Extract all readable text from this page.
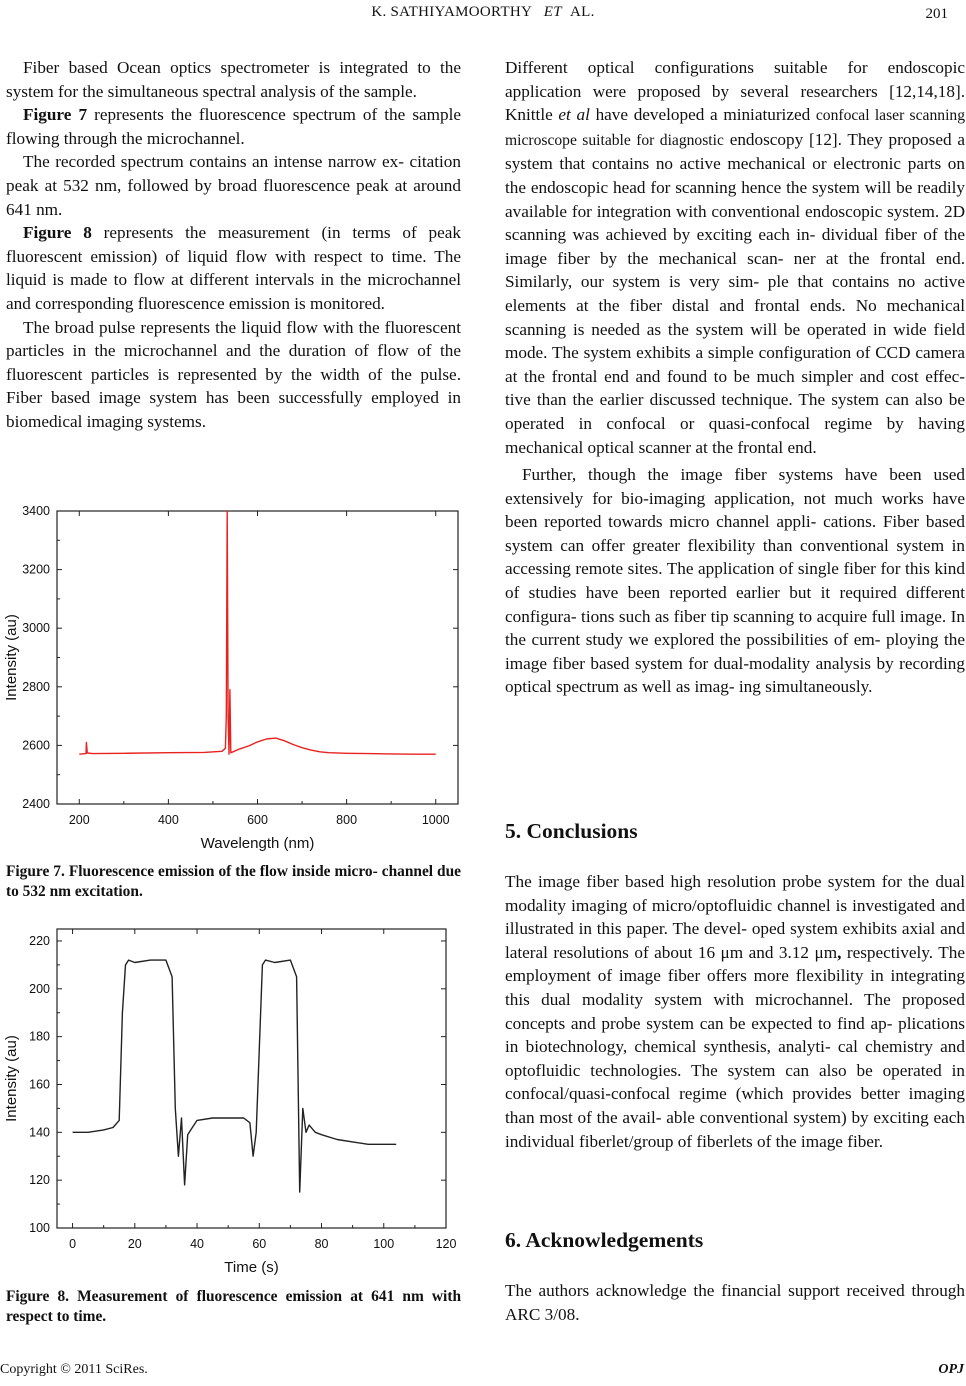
K. SATHIYAMOORTHY ET AL.	201

Fiber based Ocean optics spectrometer is integrated to the system for the simultaneous spectral analysis of the sample.

Figure 7 represents the fluorescence spectrum of the sample flowing through the microchannel.

The recorded spectrum contains an intense narrow ex- citation peak at 532 nm, followed by broad fluorescence peak at around 641 nm.

Figure 8 represents the measurement (in terms of peak fluorescent emission) of liquid flow with respect to time. The liquid is made to flow at different intervals in the microchannel and corresponding fluorescence emission is monitored.

The broad pulse represents the liquid flow with the fluorescent particles in the microchannel and the duration of flow of the fluorescent particles is represented by the width of the pulse. Fiber based image system has been successfully employed in biomedical imaging systems.

200	400	600	800	1000
2400
2600
2800
3000
3200
3400
Wavelength (nm)
Intensity (au)
Figure 7. Fluorescence emission of the flow inside micro- channel due to 532 nm excitation.
0	20	40	60	80	100	120
100
120
140
160
180
200
220
Time (s)
Intensity (au)
Figure 8. Measurement of fluorescence emission at 641 nm with respect to time.

Different optical configurations suitable for endoscopic application were proposed by several researchers [12,14,18]. Knittle et al have developed a miniaturized confocal laser scanning microscope suitable for diagnostic endoscopy [12]. They proposed a system that contains no active mechanical or electronic parts on the endoscopic head for scanning hence the system will be readily available for integration with conventional endoscopic system. 2D scanning was achieved by exciting each in- dividual fiber of the image fiber by the mechanical scan- ner at the frontal end. Similarly, our system is very sim- ple that contains no active elements at the fiber distal and frontal ends. No mechanical scanning is needed as the system will be operated in wide field mode. The system exhibits a simple configuration of CCD camera at the frontal end and found to be much simpler and cost effec- tive than the earlier discussed technique. The system can also be operated in confocal or quasi-confocal regime by having mechanical optical scanner at the frontal end.

Further, though the image fiber systems have been used extensively for bio-imaging application, not much works have been reported towards micro channel appli- cations. Fiber based system can offer greater flexibility than conventional system in accessing remote sites. The application of single fiber for this kind of studies have been reported earlier but it required different configura- tions such as fiber tip scanning to acquire full image. In the current study we explored the possibilities of em- ploying the image fiber based system for dual-modality analysis by recording optical spectrum as well as imag- ing simultaneously.

5. Conclusions

The image fiber based high resolution probe system for the dual modality imaging of micro/optofluidic channel is investigated and illustrated in this paper. The devel- oped system exhibits axial and lateral resolutions of about 16 μm and 3.12 μm, respectively. The employment of image fiber offers more flexibility in integrating this dual modality system with microchannel. The proposed concepts and probe system can be expected to find ap- plications in biotechnology, chemical synthesis, analyti- cal chemistry and optofluidic technologies. The system can also be operated in confocal/quasi-confocal regime (which provides better imaging than most of the avail- able conventional system) by exciting each individual fiberlet/group of fiberlets of the image fiber.

6. Acknowledgements

The authors acknowledge the financial support received through ARC 3/08.

Copyright © 2011 SciRes.	OPJ
